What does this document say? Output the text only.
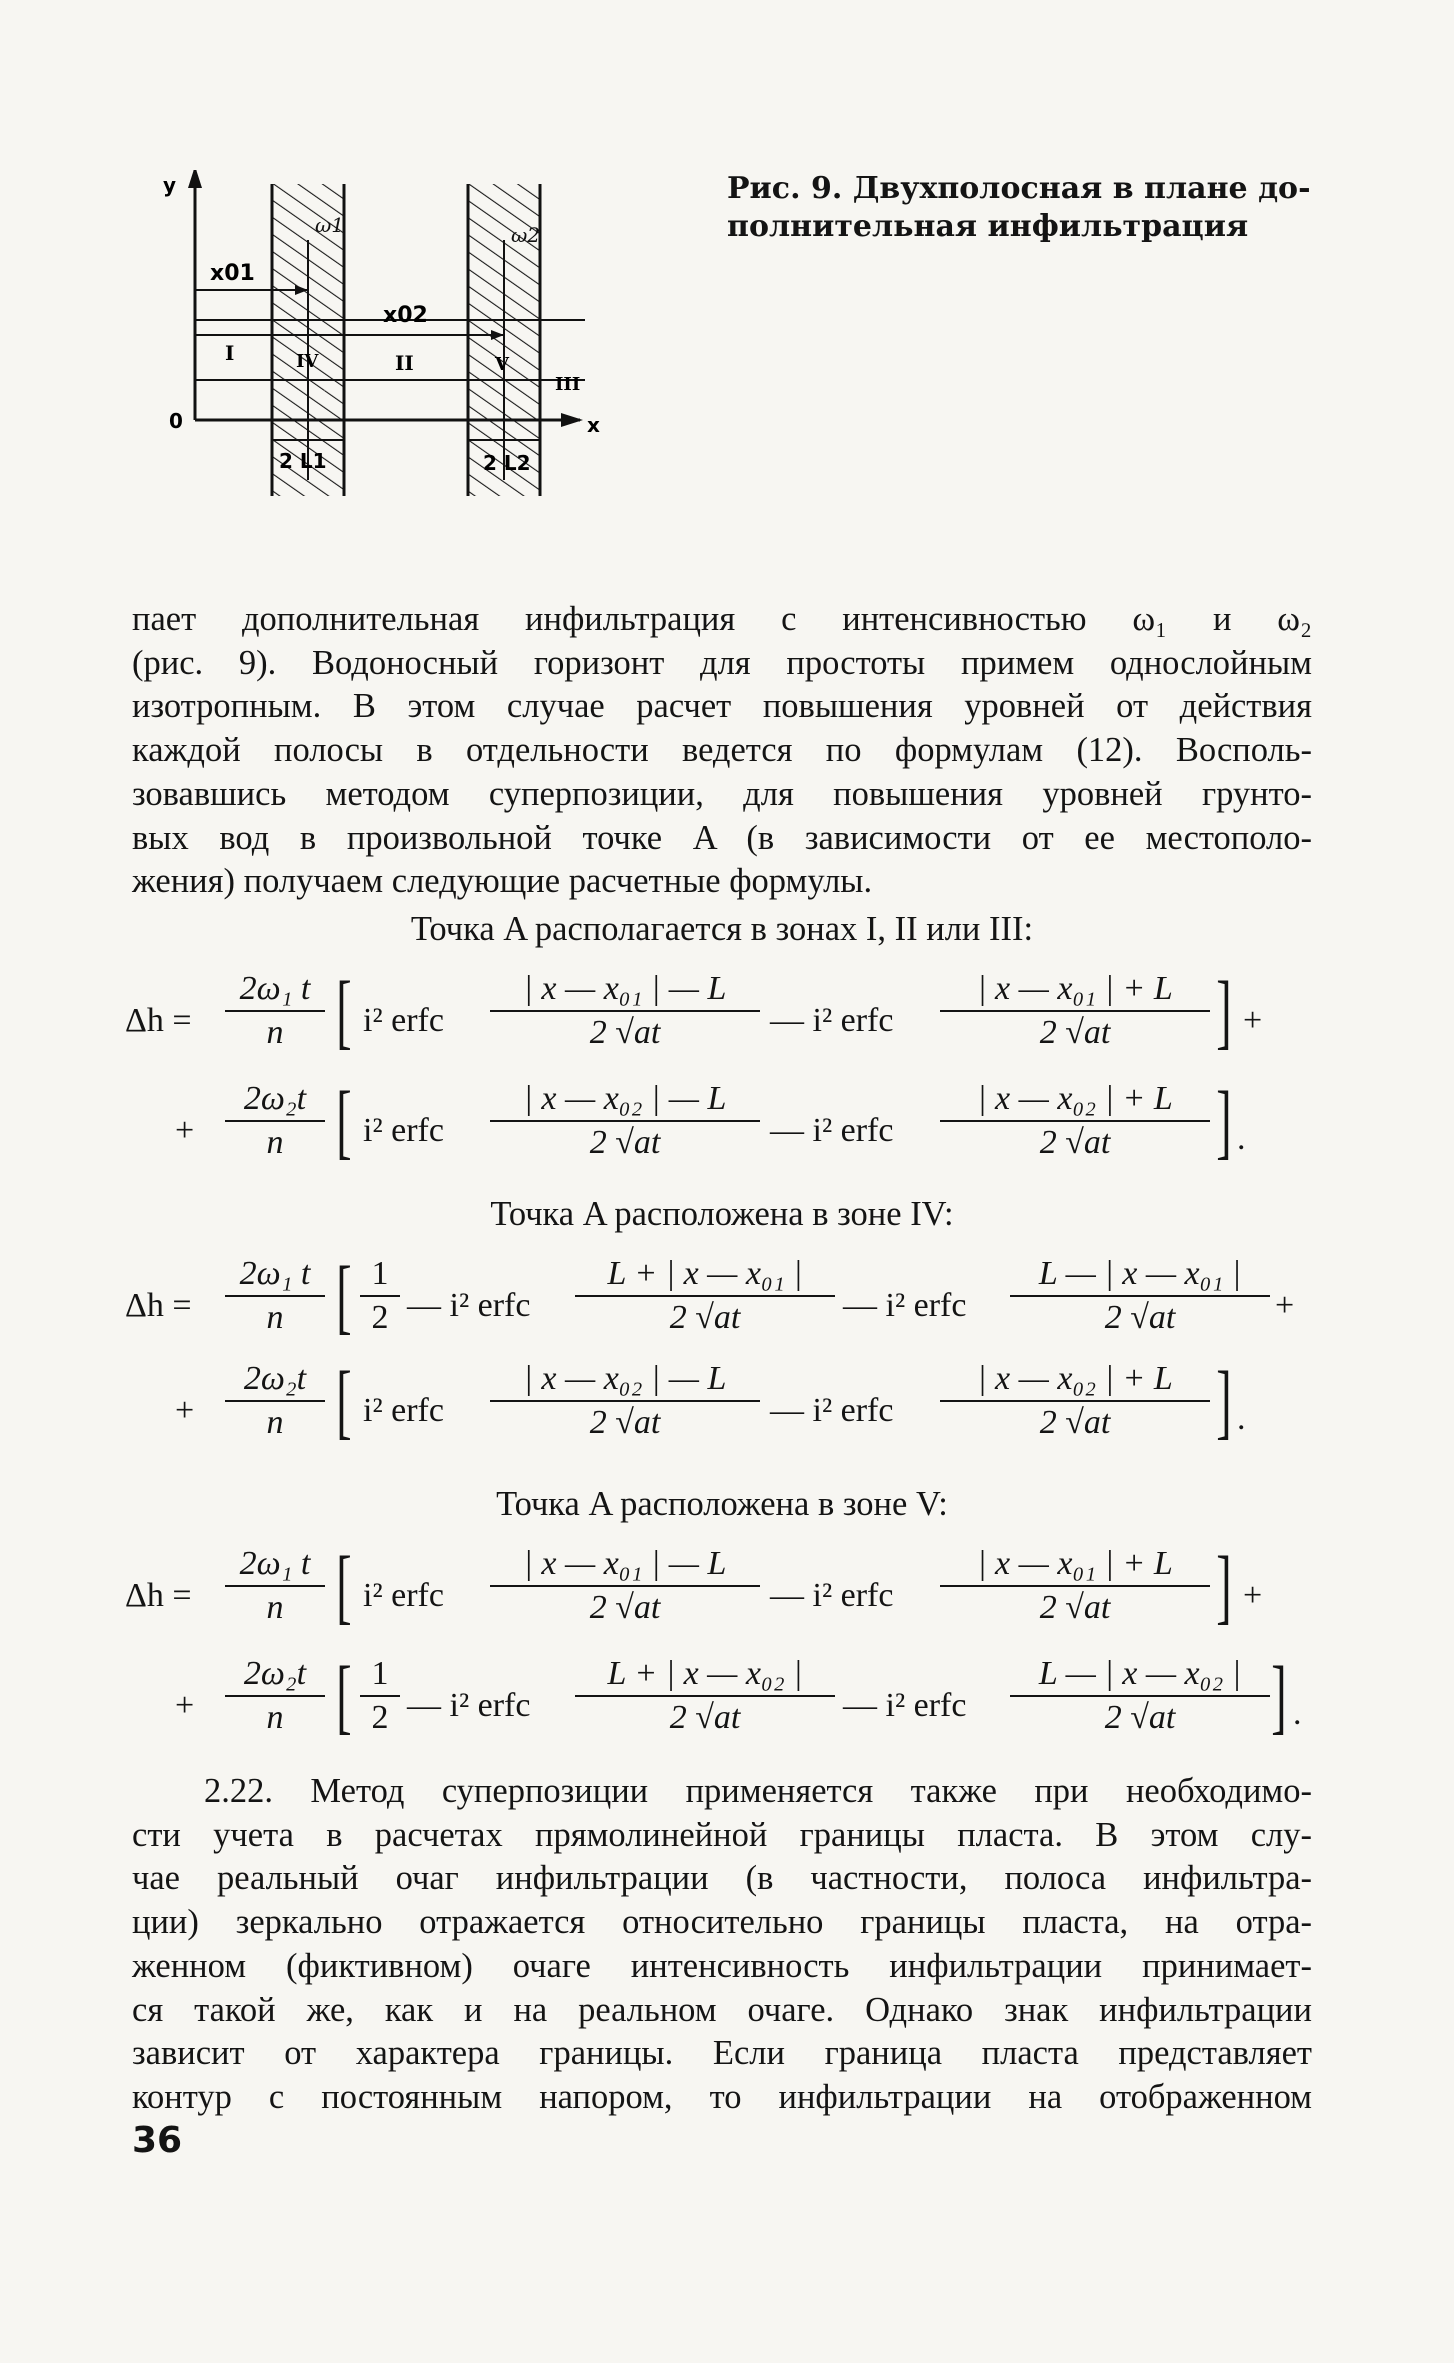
y
0	x
x01
x02
ω1	ω2
I	IV	II	V
III
2 L1	2 L2
Рис. 9. Двухполосная в плане до-
полнительная инфильтрация
пает дополнительная инфильтрация с интенсивностью ω₁ и ω₂
(рис. 9). Водоносный горизонт для простоты примем однослойным
изотропным. В этом случае расчет повышения уровней от действия
каждой полосы в отдельности ведется по формулам (12). Восполь-
зовавшись методом суперпозиции, для повышения уровней грунто-
вых вод в произвольной точке A (в зависимости от ее местополо-
жения) получаем следующие расчетные формулы.
Точка A располагается в зонах I, II или III:
$\Delta h = \frac{\text{2ω₁ t}}{n}$ [ i² erfc $\frac{\text{| x — x₀₁ | — L}}{2 √at}$ — i² erfc $\frac{\text{| x — x₀₁ | + L}}{2 √at}$ ] +
+ $\frac{\text{2ω₂t}}{n}$ [ i² erfc $\frac{\text{| x — x₀₂ | — L}}{2 √at}$ — i² erfc $\frac{\text{| x — x₀₂ | + L}}{2 √at}$ ] .
Точка A расположена в зоне IV:
$\Delta h = \frac{\text{2ω₁ t}}{n}$ [ $\frac{1}{2}$ — i² erfc $\frac{\text{L + | x — x₀₁ |}}{2 √at}$ — i² erfc $\frac{\text{L — | x — x₀₁ |}}{2 √at}$ +
+ $\frac{\text{2ω₂t}}{n}$ [ i² erfc $\frac{\text{| x — x₀₂ | — L}}{2 √at}$ — i² erfc $\frac{\text{| x — x₀₂ | + L}}{2 √at}$ ] .
Точка A расположена в зоне V:
$\Delta h = \frac{\text{2ω₁ t}}{n}$ [ i² erfc $\frac{\text{| x — x₀₁ | — L}}{2 √at}$ — i² erfc $\frac{\text{| x — x₀₁ | + L}}{2 √at}$ ] +
+ $\frac{\text{2ω₂t}}{n}$ [ $\frac{1}{2}$ — i² erfc $\frac{\text{L + | x — x₀₂ |}}{2 √at}$ — i² erfc $\frac{\text{L — | x — x₀₂ |}}{2 √at}$ ] .
2.22. Метод суперпозиции применяется также при необходимо-
сти учета в расчетах прямолинейной границы пласта. В этом слу-
чае реальный очаг инфильтрации (в частности, полоса инфильтра-
ции) зеркально отражается относительно границы пласта, на отра-
женном (фиктивном) очаге интенсивность инфильтрации принимает-
ся такой же, как и на реальном очаге. Однако знак инфильтрации
зависит от характера границы. Если граница пласта представляет
контур с постоянным напором, то инфильтрации на отображенном
36
